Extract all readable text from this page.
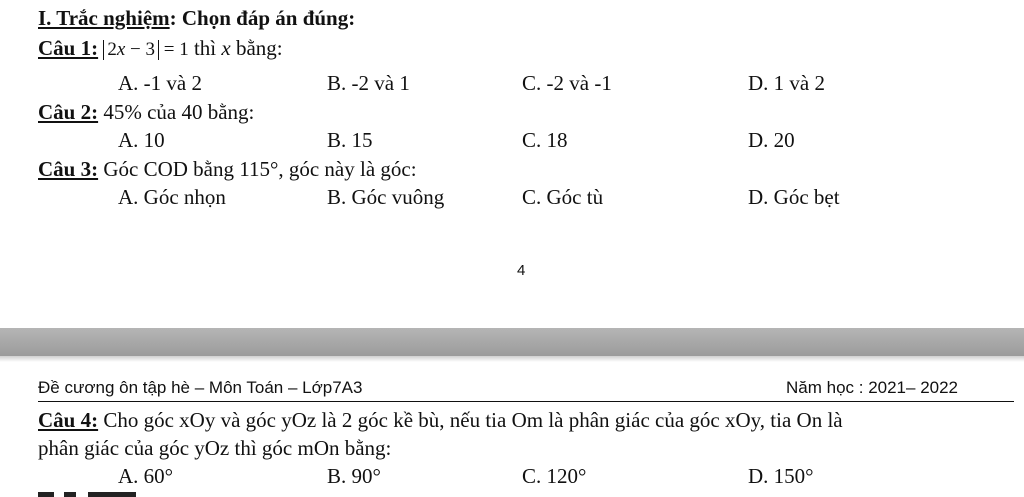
I. Trắc nghiệm: Chọn đáp án đúng:
Câu 1: 2x − 3 = 1 thì x bằng:
A. -1 và 2	B. -2 và 1	C. -2 và -1	D. 1 và 2
Câu 2: 45% của 40 bằng:
A. 10	B. 15	C. 18	D. 20
Câu 3: Góc COD bằng 115°, góc này là góc:
A. Góc nhọn	B. Góc vuông	C. Góc tù	D. Góc bẹt
4
Đề cương ôn tập hè – Môn Toán – Lớp7A3	Năm học : 2021– 2022
Câu 4: Cho góc xOy và góc yOz là 2 góc kề bù, nếu tia Om là phân giác của góc xOy, tia On là
phân giác của góc yOz thì góc mOn bằng:
A. 60°	B. 90°	C. 120°	D. 150°
